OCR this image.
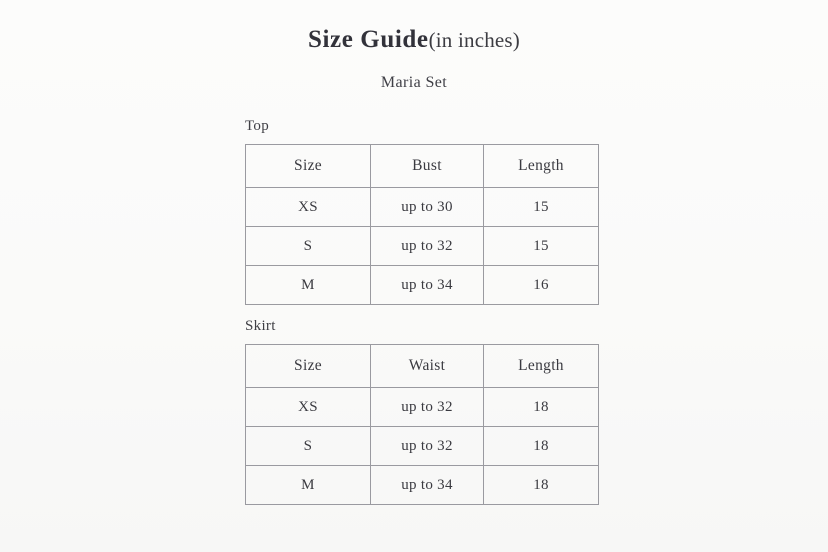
Size Guide(in inches)
Maria Set
Top
Size	Bust	Length
XS	up to 30	15
S	up to 32	15
M	up to 34	16
Skirt
Size	Waist	Length
XS	up to 32	18
S	up to 32	18
M	up to 34	18
